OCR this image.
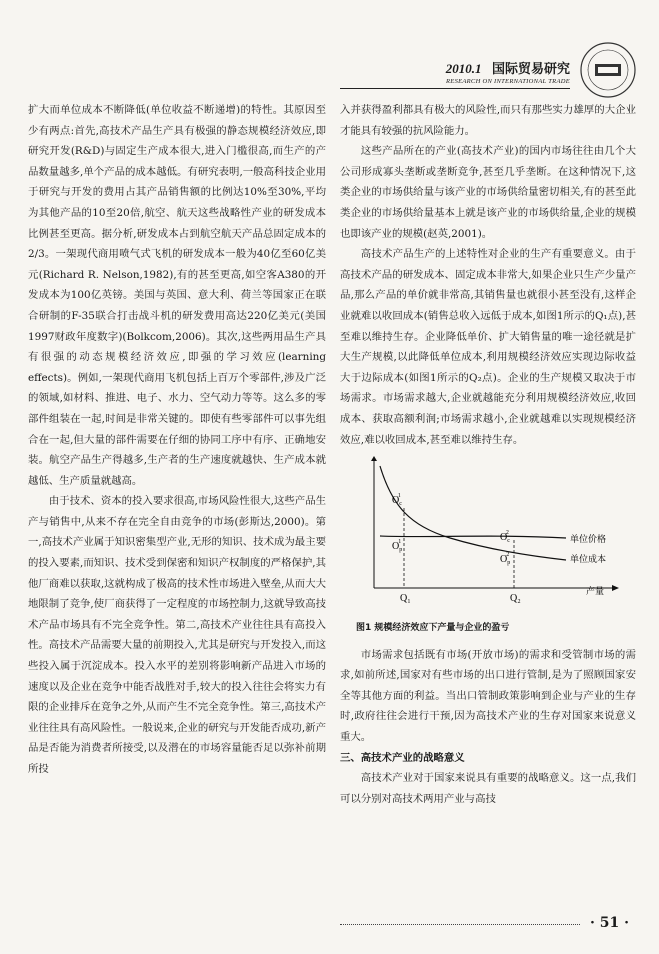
2010.1 国际贸易研究
RESEARCH ON INTERNATIONAL TRADE

扩大而单位成本不断降低(单位收益不断递增)的特性。其原因至少有两点:首先,高技术产品生产具有极强的静态规模经济效应,即研究开发(R&D)与固定生产成本很大,进入门槛很高,而生产的产品数量越多,单个产品的成本越低。有研究表明,一般高科技企业用于研究与开发的费用占其产品销售额的比例达10%至30%,平均为其他产品的10至20倍,航空、航天这些战略性产业的研发成本比例甚至更高。据分析,研发成本占到航空航天产品总固定成本的2/3。一架现代商用喷气式飞机的研发成本一般为40亿至60亿美元(Richard R. Nelson,1982),有的甚至更高,如空客A380的开发成本为100亿英镑。美国与英国、意大利、荷兰等国家正在联合研制的F-35联合打击战斗机的研发费用高达220亿美元(美国1997财政年度数字)(Bolkcom,2006)。其次,这些两用品生产具有很强的动态规模经济效应,即强的学习效应(learning effects)。例如,一架现代商用飞机包括上百万个零部件,涉及广泛的领域,如材料、推进、电子、水力、空气动力等等。这么多的零部件组装在一起,时间是非常关键的。即使有些零部件可以事先组合在一起,但大量的部件需要在仔细的协同工序中有序、正确地安装。航空产品生产得越多,生产者的生产速度就越快、生产成本就越低、生产质量就越高。

由于技术、资本的投入要求很高,市场风险性很大,这些产品生产与销售中,从来不存在完全自由竞争的市场(彭斯达,2000)。第一,高技术产业属于知识密集型产业,无形的知识、技术成为最主要的投入要素,而知识、技术受到保密和知识产权制度的严格保护,其他厂商难以获取,这就构成了极高的技术性市场进入壁垒,从而大大地限制了竞争,使厂商获得了一定程度的市场控制力,这就导致高技术产品市场具有不完全竞争性。第二,高技术产业往往具有高投入性。高技术产品需要大量的前期投入,尤其是研究与开发投入,而这些投入属于沉淀成本。投入水平的差别将影响新产品进入市场的速度以及企业在竞争中能否战胜对手,较大的投入往往会将实力有限的企业排斥在竞争之外,从而产生不完全竞争性。第三,高技术产业往往具有高风险性。一般说来,企业的研究与开发能否成功,新产品是否能为消费者所接受,以及潜在的市场容量能否足以弥补前期所投

入并获得盈利都具有极大的风险性,而只有那些实力雄厚的大企业才能具有较强的抗风险能力。

这些产品所在的产业(高技术产业)的国内市场往往由几个大公司形成寡头垄断或垄断竞争,甚至几乎垄断。在这种情况下,这类企业的市场供给量与该产业的市场供给量密切相关,有的甚至此类企业的市场供给量基本上就是该产业的市场供给量,企业的规模也即该产业的规模(赵英,2001)。

高技术产品生产的上述特性对企业的生产有重要意义。由于高技术产品的研发成本、固定成本非常大,如果企业只生产少量产品,那么产品的单价就非常高,其销售量也就很小甚至没有,这样企业就难以收回成本(销售总收入远低于成本,如图1所示的Q₁点),甚至难以维持生存。企业降低单价、扩大销售量的唯一途径就是扩大生产规模,以此降低单位成本,利用规模经济效应实现边际收益大于边际成本(如图1所示的Q₂点)。企业的生产规模又取决于市场需求。市场需求越大,企业就越能充分利用规模经济效应,收回成本、获取高额利润;市场需求越小,企业就越难以实现规模经济效应,难以收回成本,甚至难以维持生存。

$O_c1$
$O_p1$	$O_c2$
$O_p2$
Q₁	Q₂
产量
单位价格
单位成本
图1 规模经济效应下产量与企业的盈亏

市场需求包括既有市场(开放市场)的需求和受管制市场的需求,如前所述,国家对有些市场的出口进行管制,是为了照顾国家安全等其他方面的利益。当出口管制政策影响到企业与产业的生存时,政府往往会进行干预,因为高技术产业的生存对国家来说意义重大。

三、高技术产业的战略意义

高技术产业对于国家来说具有重要的战略意义。这一点,我们可以分别对高技术两用产业与高技

· 51 ·
